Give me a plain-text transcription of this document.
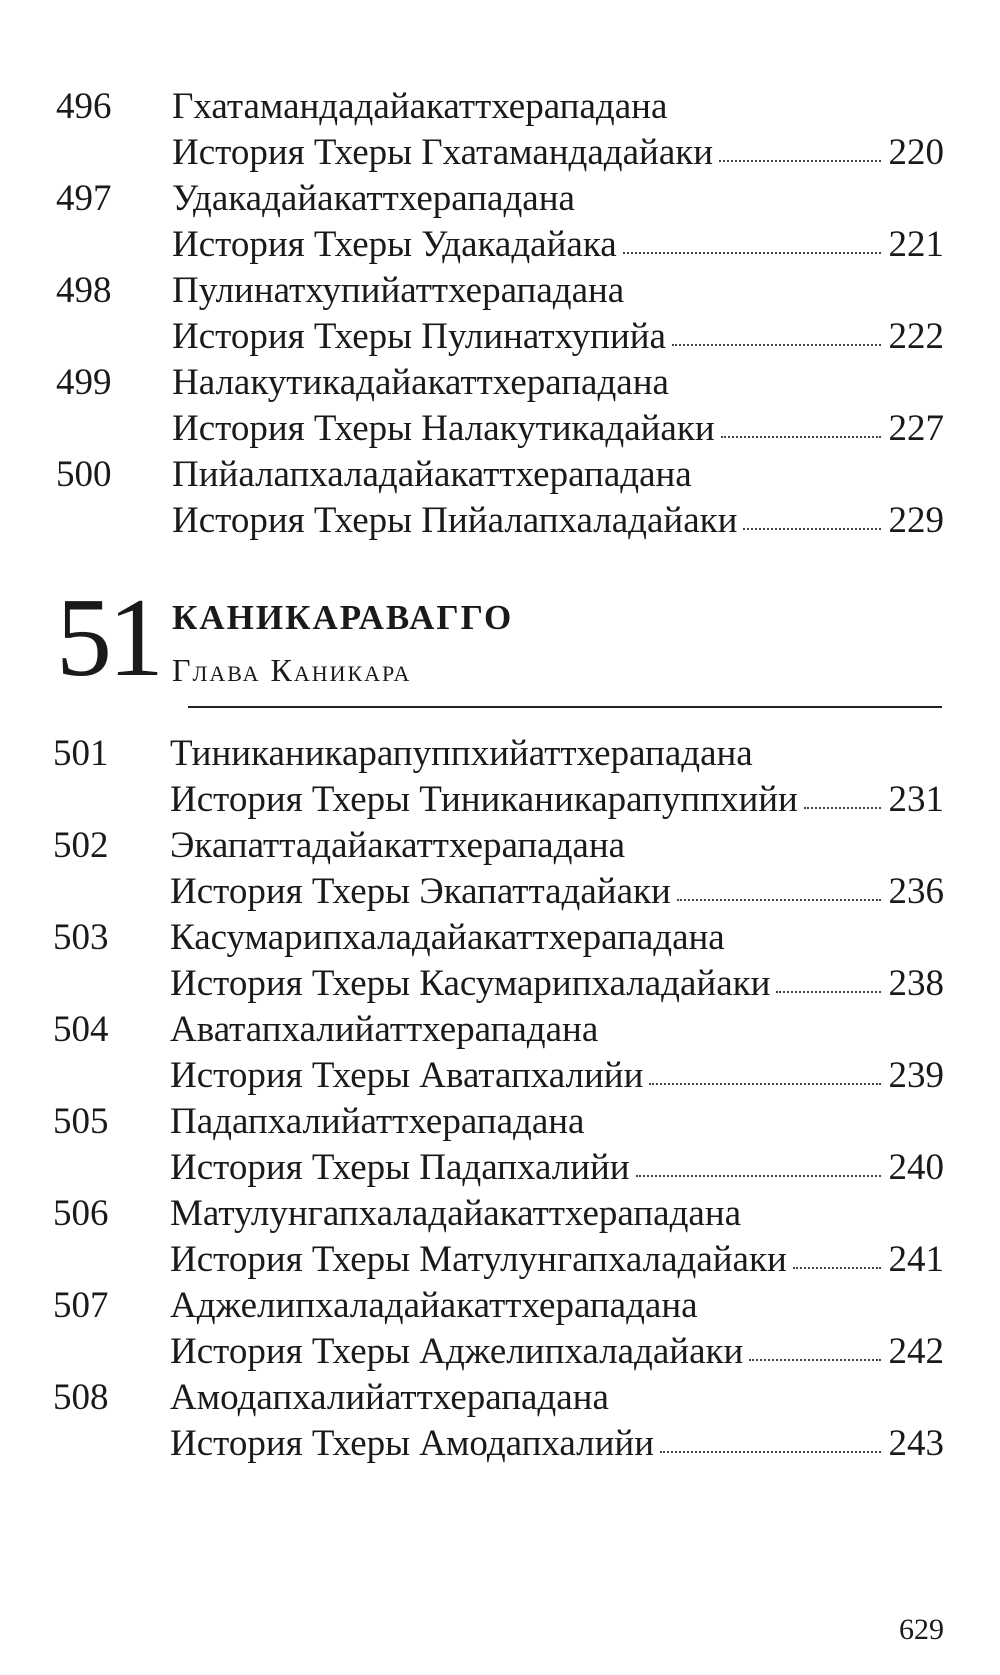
496 Гхатамандадайакаттхерападана
История Тхеры Гхатамандадайаки	220
497 Удакадайакаттхерападана
История Тхеры Удакадайака	221
498 Пулинатхупийаттхерападана
История Тхеры Пулинатхупийа	222
499 Налакутикадайакаттхерападана
История Тхеры Налакутикадайаки	227
500 Пийалапхаладайакаттхерападана
История Тхеры Пийалапхаладайаки	229
51 КАНИКАРАВАГГО
Глава Каникара
501 Тиниканикарапуппхийаттхерападана
История Тхеры Тиниканикарапуппхийи 231
502 Экапаттадайакаттхерападана
История Тхеры Экапаттадайаки	236
503 Касумарипхаладайакаттхерападана
История Тхеры Касумарипхаладайаки	238
504 Аватапхалийаттхерападана
История Тхеры Аватапхалийи	239
505 Падапхалийаттхерападана
История Тхеры Падапхалийи	240
506 Матулунгапхаладайакаттхерападана
История Тхеры Матулунгапхаладайаки	241
507 Аджелипхаладайакаттхерападана
История Тхеры Аджелипхаладайаки	242
508 Амодапхалийаттхерападана
История Тхеры Амодапхалийи	243
629
